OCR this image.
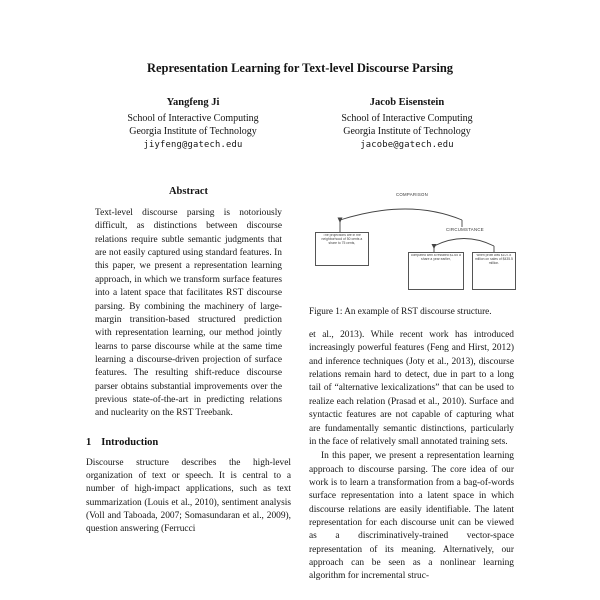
Representation Learning for Text-level Discourse Parsing
Yangfeng Ji
School of Interactive Computing
Georgia Institute of Technology
jiyfeng@gatech.edu
Jacob Eisenstein
School of Interactive Computing
Georgia Institute of Technology
jacobe@gatech.edu
Abstract

Text-level discourse parsing is notoriously difficult, as distinctions between discourse relations require subtle semantic judgments that are not easily captured using standard features. In this paper, we present a representation learning approach, in which we transform surface features into a latent space that facilitates RST discourse parsing. By combining the machinery of large-margin transition-based structured prediction with representation learning, our method jointly learns to parse discourse while at the same time learning a discourse-driven projection of surface features. The resulting shift-reduce discourse parser obtains substantial improvements over the previous state-of-the-art in predicting relations and nuclearity on the RST Treebank.

1 Introduction

Discourse structure describes the high-level organization of text or speech. It is central to a number of high-impact applications, such as text summarization (Louis et al., 2010), sentiment analysis (Voll and Taboada, 2007; Somasundaran et al., 2009), question answering (Ferrucci

COMPARISON
CIRCUMSTANCE
The projections are in the neighborhood of 50 cents a share to 75 cents,
compared with a restated $1.65 a share a year earlier,
when profit was $107.8 million on sales of $435.5 million.
Figure 1: An example of RST discourse structure.

et al., 2013). While recent work has introduced increasingly powerful features (Feng and Hirst, 2012) and inference techniques (Joty et al., 2013), discourse relations remain hard to detect, due in part to a long tail of “alternative lexicalizations” that can be used to realize each relation (Prasad et al., 2010). Surface and syntactic features are not capable of capturing what are fundamentally semantic distinctions, particularly in the face of relatively small annotated training sets.

In this paper, we present a representation learning approach to discourse parsing. The core idea of our work is to learn a transformation from a bag-of-words surface representation into a latent space in which discourse relations are easily identifiable. The latent representation for each discourse unit can be viewed as a discriminatively-trained vector-space representation of its meaning. Alternatively, our approach can be seen as a nonlinear learning algorithm for incremental struc-
